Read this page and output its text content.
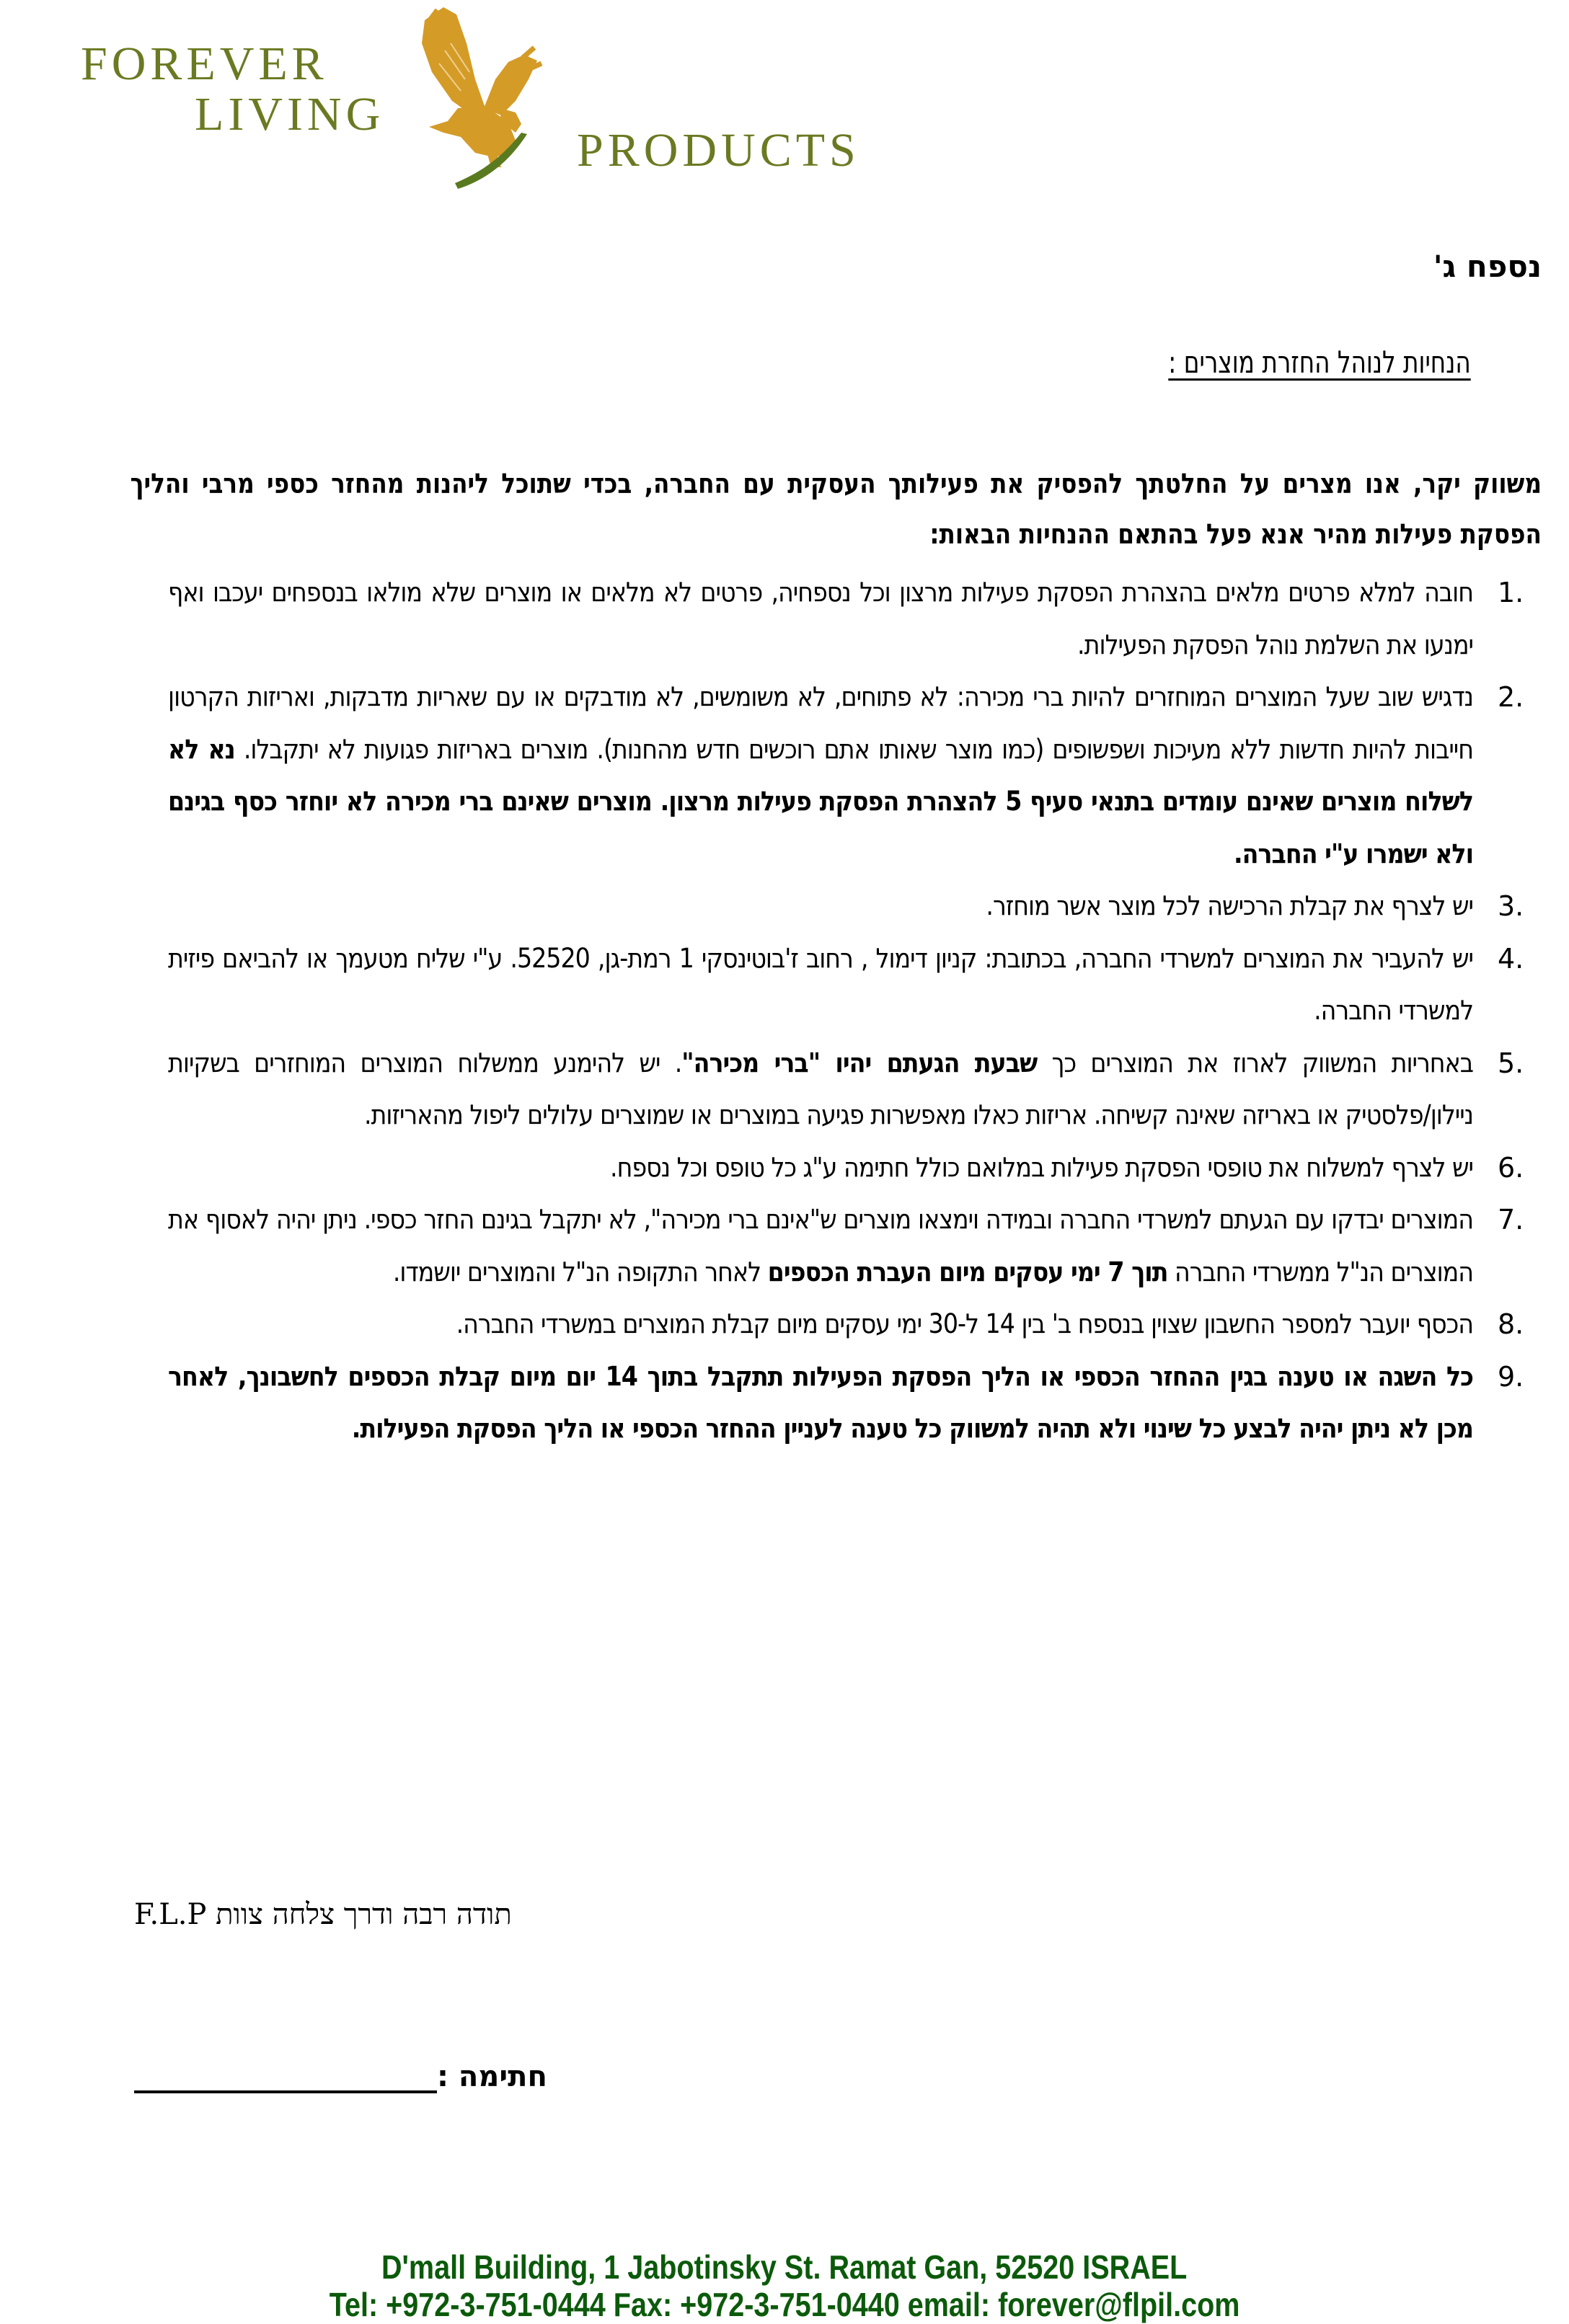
FOREVER
LIVING
PRODUCTS
נספח ג'
הנחיות לנוהל החזרת מוצרים :
משווק יקר, אנו מצרים על החלטתך להפסיק את פעילותך העסקית עם החברה, בכדי שתוכל ליהנות מהחזר כספי מרבי והליך הפסקת פעילות מהיר אנא פעל בהתאם ההנחיות הבאות:
1.
חובה למלא פרטים מלאים בהצהרת הפסקת פעילות מרצון וכל נספחיה, פרטים לא מלאים או מוצרים שלא מולאו בנספחים יעכבו ואף ימנעו את השלמת נוהל הפסקת הפעילות.
2.
נדגיש שוב שעל המוצרים המוחזרים להיות ברי מכירה: לא פתוחים, לא משומשים, לא מודבקים או עם שאריות מדבקות, ואריזות הקרטון חייבות להיות חדשות ללא מעיכות ושפשופים (כמו מוצר שאותו אתם רוכשים חדש מהחנות). מוצרים באריזות פגועות לא יתקבלו. נא לא לשלוח מוצרים שאינם עומדים בתנאי סעיף 5 להצהרת הפסקת פעילות מרצון. מוצרים שאינם ברי מכירה לא יוחזר כסף בגינם ולא ישמרו ע"י החברה.
3.
יש לצרף את קבלת הרכישה לכל מוצר אשר מוחזר.
4.
יש להעביר את המוצרים למשרדי החברה, בכתובת: קניון דימול , רחוב ז'בוטינסקי 1 רמת-גן, 52520. ע"י שליח מטעמך או להביאם פיזית למשרדי החברה.
5.
באחריות המשווק לארוז את המוצרים כך שבעת הגעתם יהיו "ברי מכירה". יש להימנע ממשלוח המוצרים המוחזרים בשקיות ניילון/פלסטיק או באריזה שאינה קשיחה. אריזות כאלו מאפשרות פגיעה במוצרים או שמוצרים עלולים ליפול מהאריזות.
6.
יש לצרף למשלוח את טופסי הפסקת פעילות במלואם כולל חתימה ע"ג כל טופס וכל נספח.
7.
המוצרים יבדקו עם הגעתם למשרדי החברה ובמידה וימצאו מוצרים ש"אינם ברי מכירה", לא יתקבל בגינם החזר כספי. ניתן יהיה לאסוף את המוצרים הנ"ל ממשרדי החברה תוך 7 ימי עסקים מיום העברת הכספים לאחר התקופה הנ"ל והמוצרים יושמדו.
8.
הכסף יועבר למספר החשבון שצוין בנספח ב' בין 14 ל-30 ימי עסקים מיום קבלת המוצרים במשרדי החברה.
9.
כל השגה או טענה בגין ההחזר הכספי או הליך הפסקת הפעילות תתקבל בתוך 14 יום מיום קבלת הכספים לחשבונך, לאחר מכן לא ניתן יהיה לבצע כל שינוי ולא תהיה למשווק כל טענה לעניין ההחזר הכספי או הליך הפסקת הפעילות.
תודה רבה ודרך צלחה צוות F.L.P
חתימה :
D'mall Building, 1 Jabotinsky St. Ramat Gan, 52520 ISRAEL
Tel: +972-3-751-0444 Fax: +972-3-751-0440 email: forever@flpil.com
